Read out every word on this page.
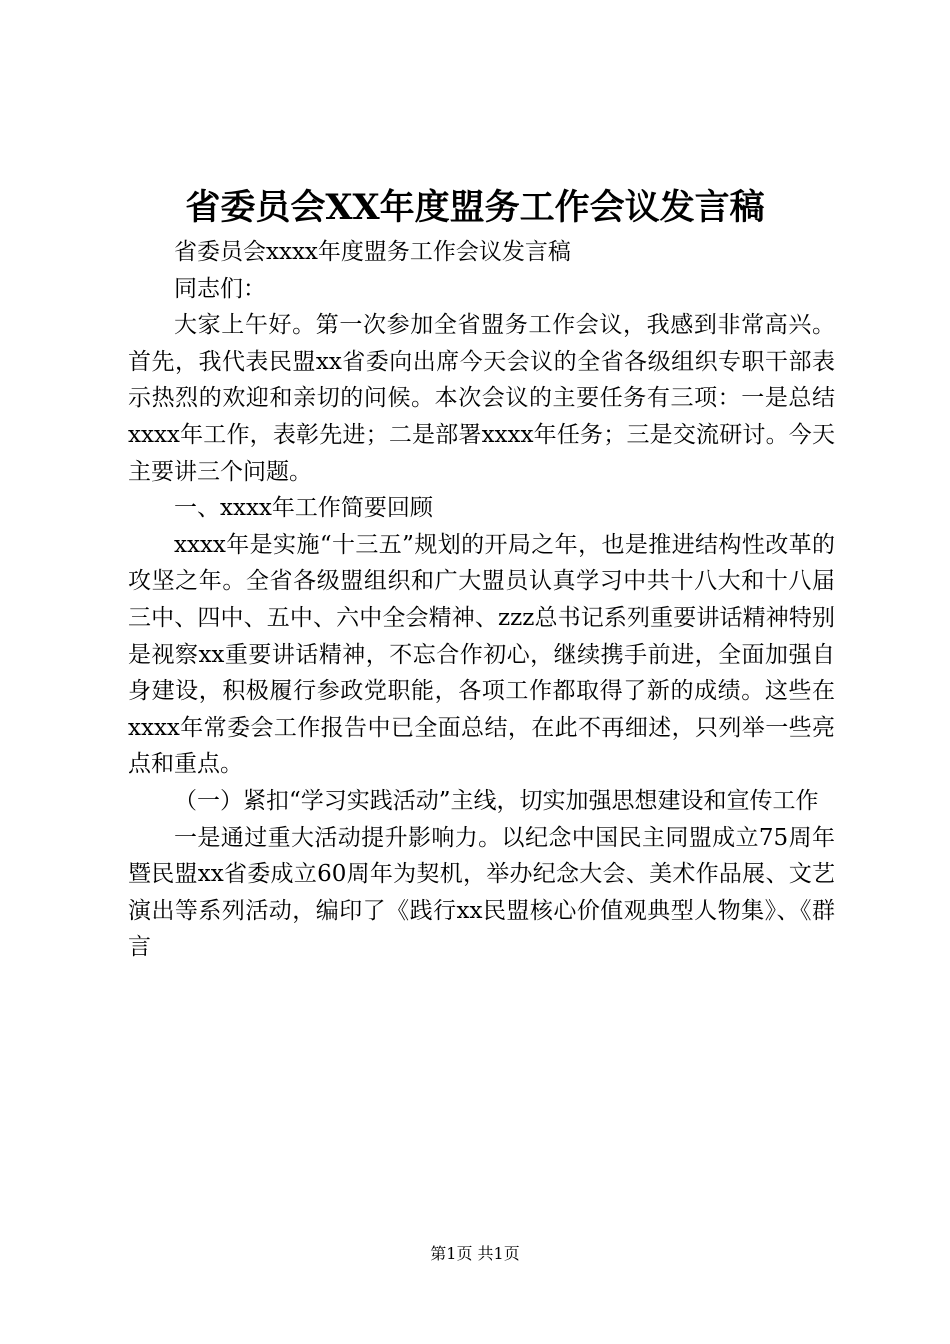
省委员会XX年度盟务工作会议发言稿

省委员会xxxx年度盟务工作会议发言稿

同志们：

大家上午好。第一次参加全省盟务工作会议，我感到非常高兴。首先，我代表民盟xx省委向出席今天会议的全省各级组织专职干部表示热烈的欢迎和亲切的问候。本次会议的主要任务有三项：一是总结xxxx年工作，表彰先进；二是部署xxxx年任务；三是交流研讨。今天主要讲三个问题。

一、xxxx年工作简要回顾

xxxx年是实施“十三五”规划的开局之年，也是推进结构性改革的攻坚之年。全省各级盟组织和广大盟员认真学习中共十八大和十八届三中、四中、五中、六中全会精神、zzz总书记系列重要讲话精神特别是视察xx重要讲话精神，不忘合作初心，继续携手前进，全面加强自身建设，积极履行参政党职能，各项工作都取得了新的成绩。这些在xxxx年常委会工作报告中已全面总结，在此不再细述，只列举一些亮点和重点。

（一）紧扣“学习实践活动”主线，切实加强思想建设和宣传工作

一是通过重大活动提升影响力。以纪念中国民主同盟成立75周年暨民盟xx省委成立60周年为契机，举办纪念大会、美术作品展、文艺演出等系列活动，编印了《践行xx民盟核心价值观典型人物集》、《群言

第1页 共1页
